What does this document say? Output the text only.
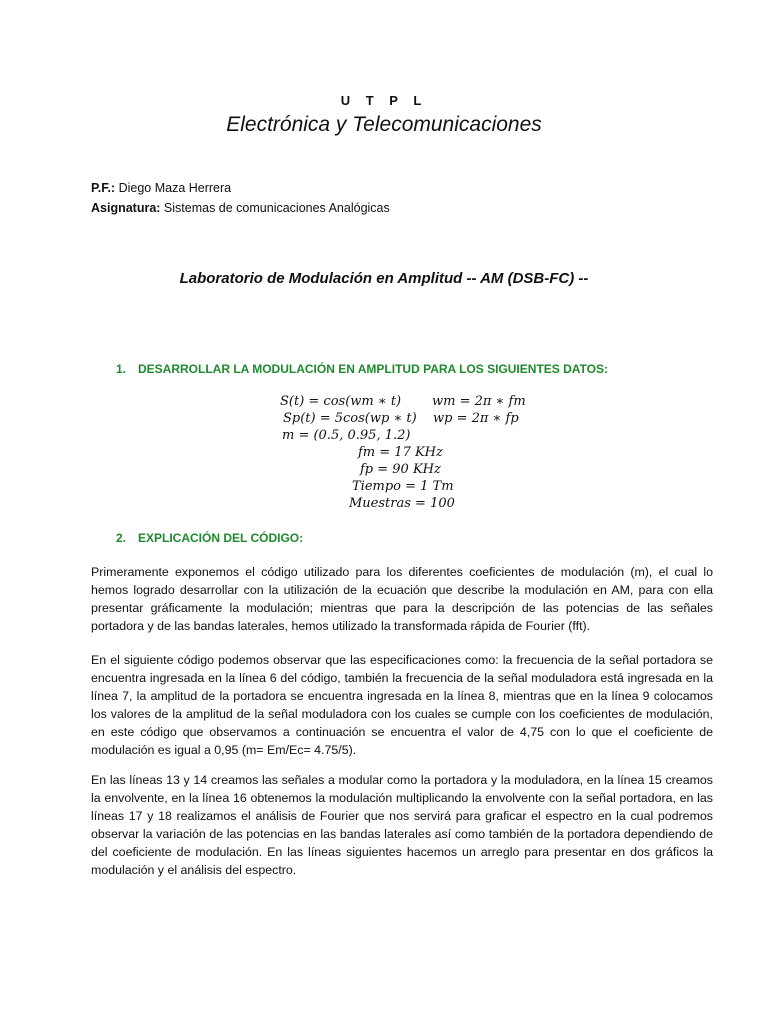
U T P L
Electrónica y Telecomunicaciones
P.F.: Diego Maza Herrera
Asignatura: Sistemas de comunicaciones Analógicas
Laboratorio de Modulación en Amplitud -- AM (DSB-FC) --
1. DESARROLLAR LA MODULACIÓN EN AMPLITUD PARA LOS SIGUIENTES DATOS:
S(t) = cos(wm ∗ t) wm = 2π ∗ fm
Sp(t) = 5cos(wp ∗ t) wp = 2π ∗ fp
m = (0.5, 0.95, 1.2)
fm = 17 KHz
fp = 90 KHz
Tiempo = 1 Tm
Muestras = 100
2. EXPLICACIÓN DEL CÓDIGO:

Primeramente exponemos el código utilizado para los diferentes coeficientes de modulación (m), el cual lo hemos logrado desarrollar con la utilización de la ecuación que describe la modulación en AM, para con ella presentar gráficamente la modulación; mientras que para la descripción de las potencias de las señales portadora y de las bandas laterales, hemos utilizado la transformada rápida de Fourier (fft).

En el siguiente código podemos observar que las especificaciones como: la frecuencia de la señal portadora se encuentra ingresada en la línea 6 del código, también la frecuencia de la señal moduladora está ingresada en la línea 7, la amplitud de la portadora se encuentra ingresada en la línea 8, mientras que en la línea 9 colocamos los valores de la amplitud de la señal moduladora con los cuales se cumple con los coeficientes de modulación, en este código que observamos a continuación se encuentra el valor de 4,75 con lo que el coeficiente de modulación es igual a 0,95 (m= Em/Ec= 4.75/5).

En las líneas 13 y 14 creamos las señales a modular como la portadora y la moduladora, en la línea 15 creamos la envolvente, en la línea 16 obtenemos la modulación multiplicando la envolvente con la señal portadora, en las líneas 17 y 18 realizamos el análisis de Fourier que nos servirá para graficar el espectro en la cual podremos observar la variación de las potencias en las bandas laterales así como también de la portadora dependiendo de del coeficiente de modulación. En las líneas siguientes hacemos un arreglo para presentar en dos gráficos la modulación y el análisis del espectro.
